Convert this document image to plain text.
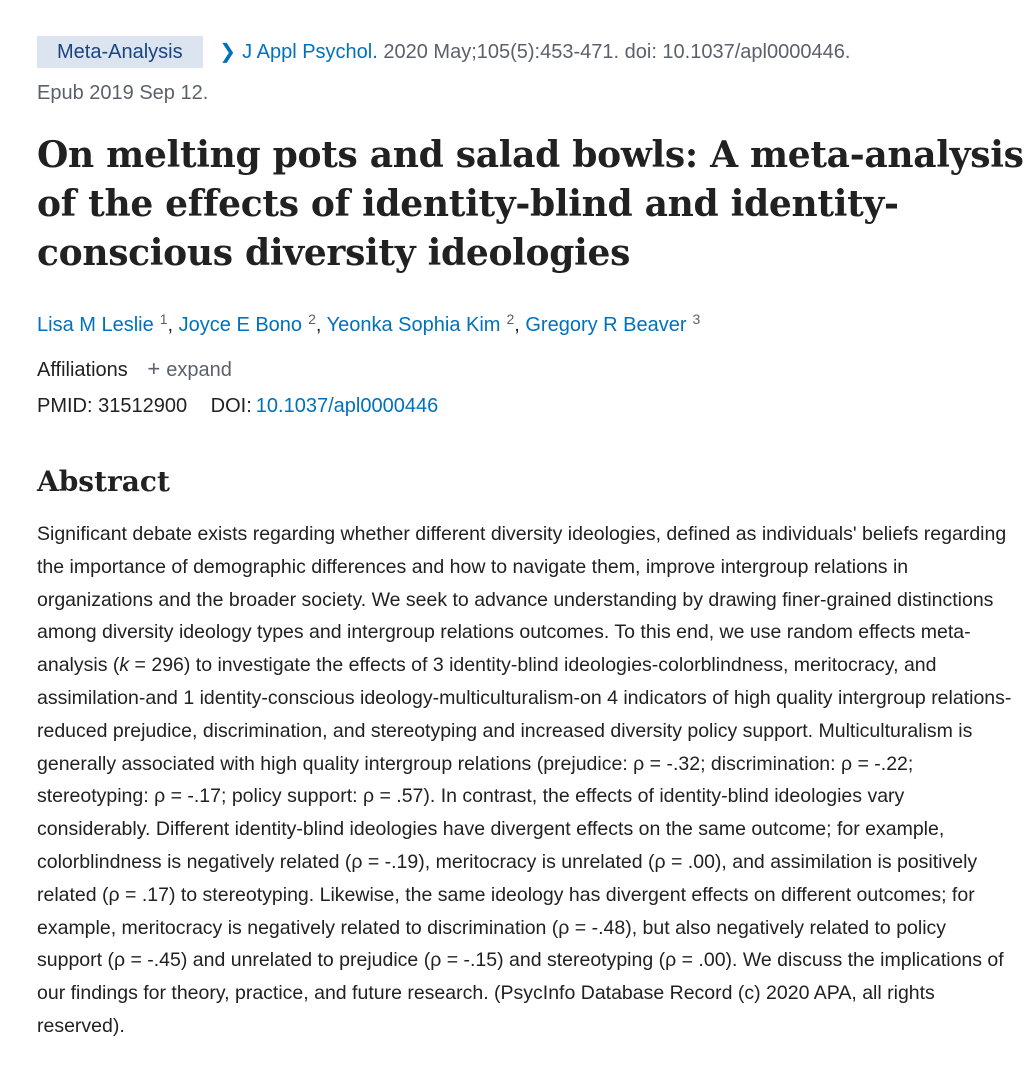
Meta-Analysis ❯ J Appl Psychol. 2020 May;105(5):453-471. doi: 10.1037/apl0000446.
Epub 2019 Sep 12.
On melting pots and salad bowls: A meta-analysis of the effects of identity-blind and identity-conscious diversity ideologies
Lisa M Leslie $^1$, Joyce E Bono $^2$, Yeonka Sophia Kim $^2$, Gregory R Beaver $^3$
Affiliations + expand
PMID: 31512900 DOI: 10.1037/apl0000446
Abstract

Significant debate exists regarding whether different diversity ideologies, defined as individuals' beliefs regarding the importance of demographic differences and how to navigate them, improve intergroup relations in organizations and the broader society. We seek to advance understanding by drawing finer-grained distinctions among diversity ideology types and intergroup relations outcomes. To this end, we use random effects meta-analysis (k = 296) to investigate the effects of 3 identity-blind ideologies-colorblindness, meritocracy, and assimilation-and 1 identity-conscious ideology-multiculturalism-on 4 indicators of high quality intergroup relations-reduced prejudice, discrimination, and stereotyping and increased diversity policy support. Multiculturalism is generally associated with high quality intergroup relations (prejudice: ρ = -.32; discrimination: ρ = -.22; stereotyping: ρ = -.17; policy support: ρ = .57). In contrast, the effects of identity-blind ideologies vary considerably. Different identity-blind ideologies have divergent effects on the same outcome; for example, colorblindness is negatively related (ρ = -.19), meritocracy is unrelated (ρ = .00), and assimilation is positively related (ρ = .17) to stereotyping. Likewise, the same ideology has divergent effects on different outcomes; for example, meritocracy is negatively related to discrimination (ρ = -.48), but also negatively related to policy support (ρ = -.45) and unrelated to prejudice (ρ = -.15) and stereotyping (ρ = .00). We discuss the implications of our findings for theory, practice, and future research. (PsycInfo Database Record (c) 2020 APA, all rights reserved).
